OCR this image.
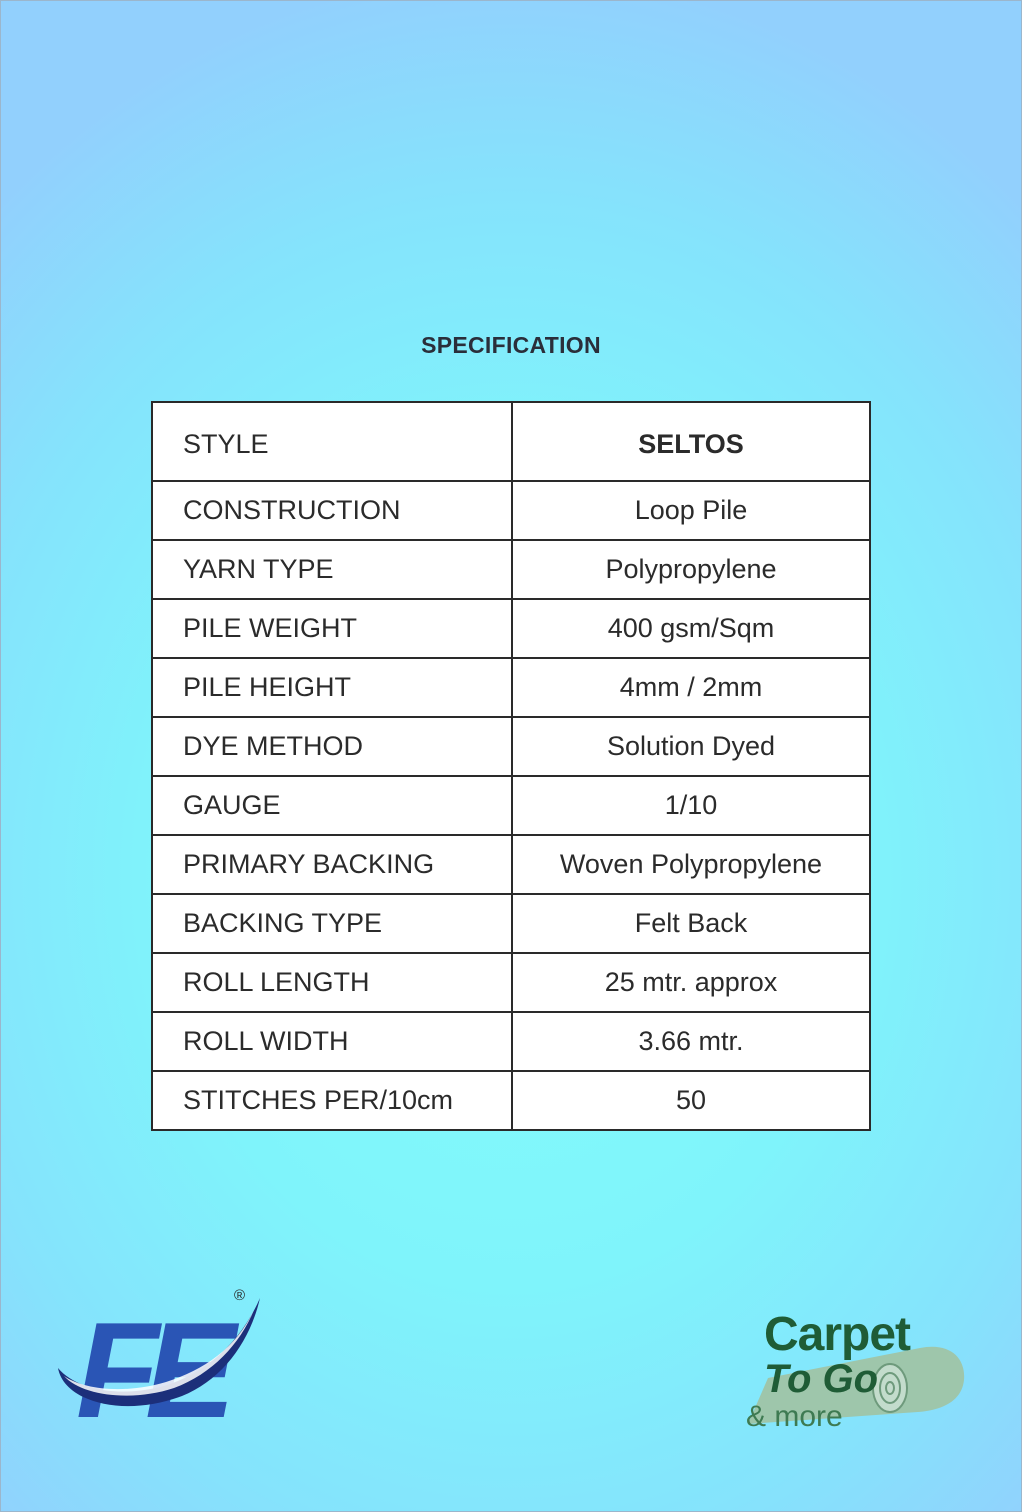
SPECIFICATION
STYLE	SELTOS
CONSTRUCTION	Loop Pile
YARN TYPE	Polypropylene
PILE WEIGHT	400 gsm/Sqm
PILE HEIGHT	4mm / 2mm
DYE METHOD	Solution Dyed
GAUGE	1/10
PRIMARY BACKING	Woven Polypropylene
BACKING TYPE	Felt Back
ROLL LENGTH	25 mtr. approx
ROLL WIDTH	3.66 mtr.
STITCHES PER/10cm	50
FE ®
Carpet
To Go
& more
